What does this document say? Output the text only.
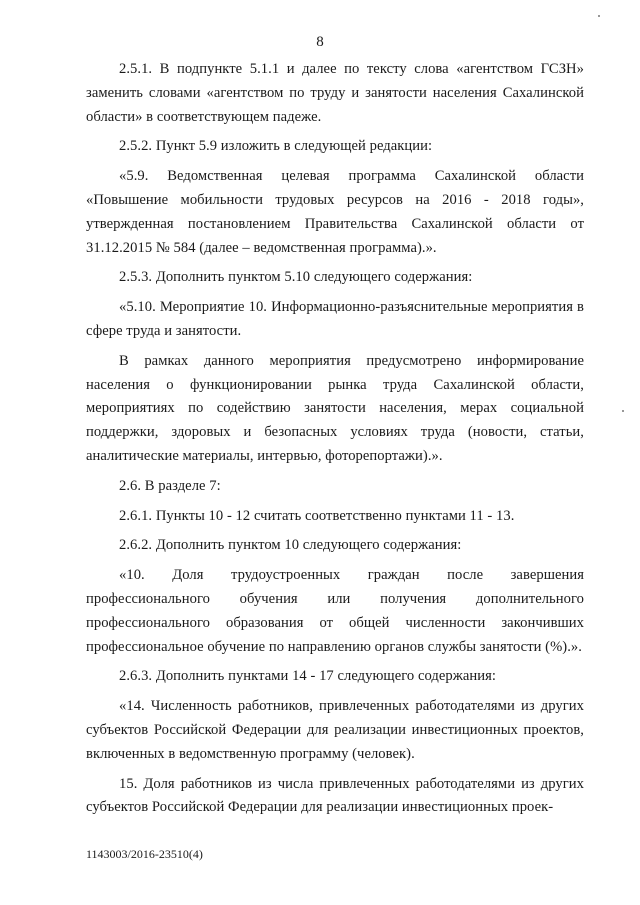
8

2.5.1. В подпункте 5.1.1 и далее по тексту слова «агентством ГСЗН» заменить словами «агентством по труду и занятости населения Сахалинской области» в соответствующем падеже.

2.5.2. Пункт 5.9 изложить в следующей редакции:

«5.9. Ведомственная целевая программа Сахалинской области «Повышение мобильности трудовых ресурсов на 2016 - 2018 годы», утвержденная постановлением Правительства Сахалинской области от 31.12.2015 № 584 (далее – ведомственная программа).».

2.5.3. Дополнить пунктом 5.10 следующего содержания:

«5.10. Мероприятие 10. Информационно-разъяснительные мероприятия в сфере труда и занятости.

В рамках данного мероприятия предусмотрено информирование населения о функционировании рынка труда Сахалинской области, мероприятиях по содействию занятости населения, мерах социальной поддержки, здоровых и безопасных условиях труда (новости, статьи, аналитические материалы, интервью, фоторепортажи).».

2.6. В разделе 7:

2.6.1. Пункты 10 - 12 считать соответственно пунктами 11 - 13.

2.6.2. Дополнить пунктом 10 следующего содержания:

«10. Доля трудоустроенных граждан после завершения профессионального обучения или получения дополнительного профессионального образования от общей численности закончивших профессиональное обучение по направлению органов службы занятости (%).».

2.6.3. Дополнить пунктами 14 - 17 следующего содержания:

«14. Численность работников, привлеченных работодателями из других субъектов Российской Федерации для реализации инвестиционных проектов, включенных в ведомственную программу (человек).

15. Доля работников из числа привлеченных работодателями из других субъектов Российской Федерации для реализации инвестиционных проек-

1143003/2016-23510(4)
